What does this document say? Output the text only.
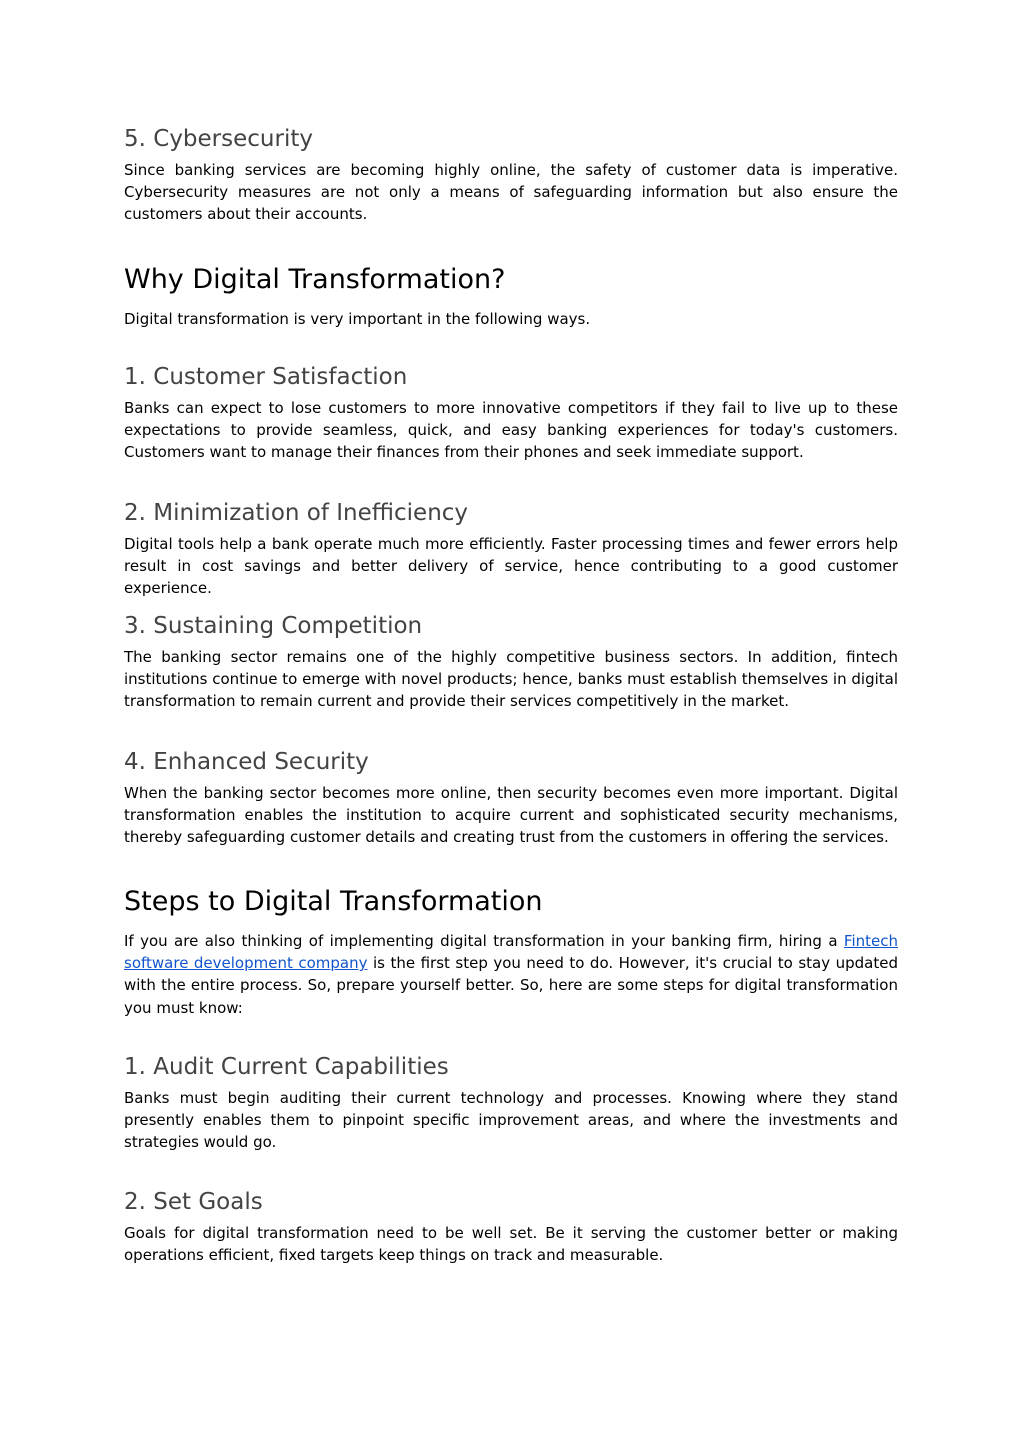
5. Cybersecurity

Since banking services are becoming highly online, the safety of customer data is imperative. Cybersecurity measures are not only a means of safeguarding information but also ensure the customers about their accounts.

Why Digital Transformation?

Digital transformation is very important in the following ways.

1. Customer Satisfaction

Banks can expect to lose customers to more innovative competitors if they fail to live up to these expectations to provide seamless, quick, and easy banking experiences for today's customers. Customers want to manage their finances from their phones and seek immediate support.

2. Minimization of Inefficiency

Digital tools help a bank operate much more efficiently. Faster processing times and fewer errors help result in cost savings and better delivery of service, hence contributing to a good customer experience.

3. Sustaining Competition

The banking sector remains one of the highly competitive business sectors. In addition, fintech institutions continue to emerge with novel products; hence, banks must establish themselves in digital transformation to remain current and provide their services competitively in the market.

4. Enhanced Security

When the banking sector becomes more online, then security becomes even more important. Digital transformation enables the institution to acquire current and sophisticated security mechanisms, thereby safeguarding customer details and creating trust from the customers in offering the services.

Steps to Digital Transformation

If you are also thinking of implementing digital transformation in your banking firm, hiring a Fintech software development company is the first step you need to do. However, it's crucial to stay updated with the entire process. So, prepare yourself better. So, here are some steps for digital transformation you must know:

1. Audit Current Capabilities

Banks must begin auditing their current technology and processes. Knowing where they stand presently enables them to pinpoint specific improvement areas, and where the investments and strategies would go.

2. Set Goals

Goals for digital transformation need to be well set. Be it serving the customer better or making operations efficient, fixed targets keep things on track and measurable.
